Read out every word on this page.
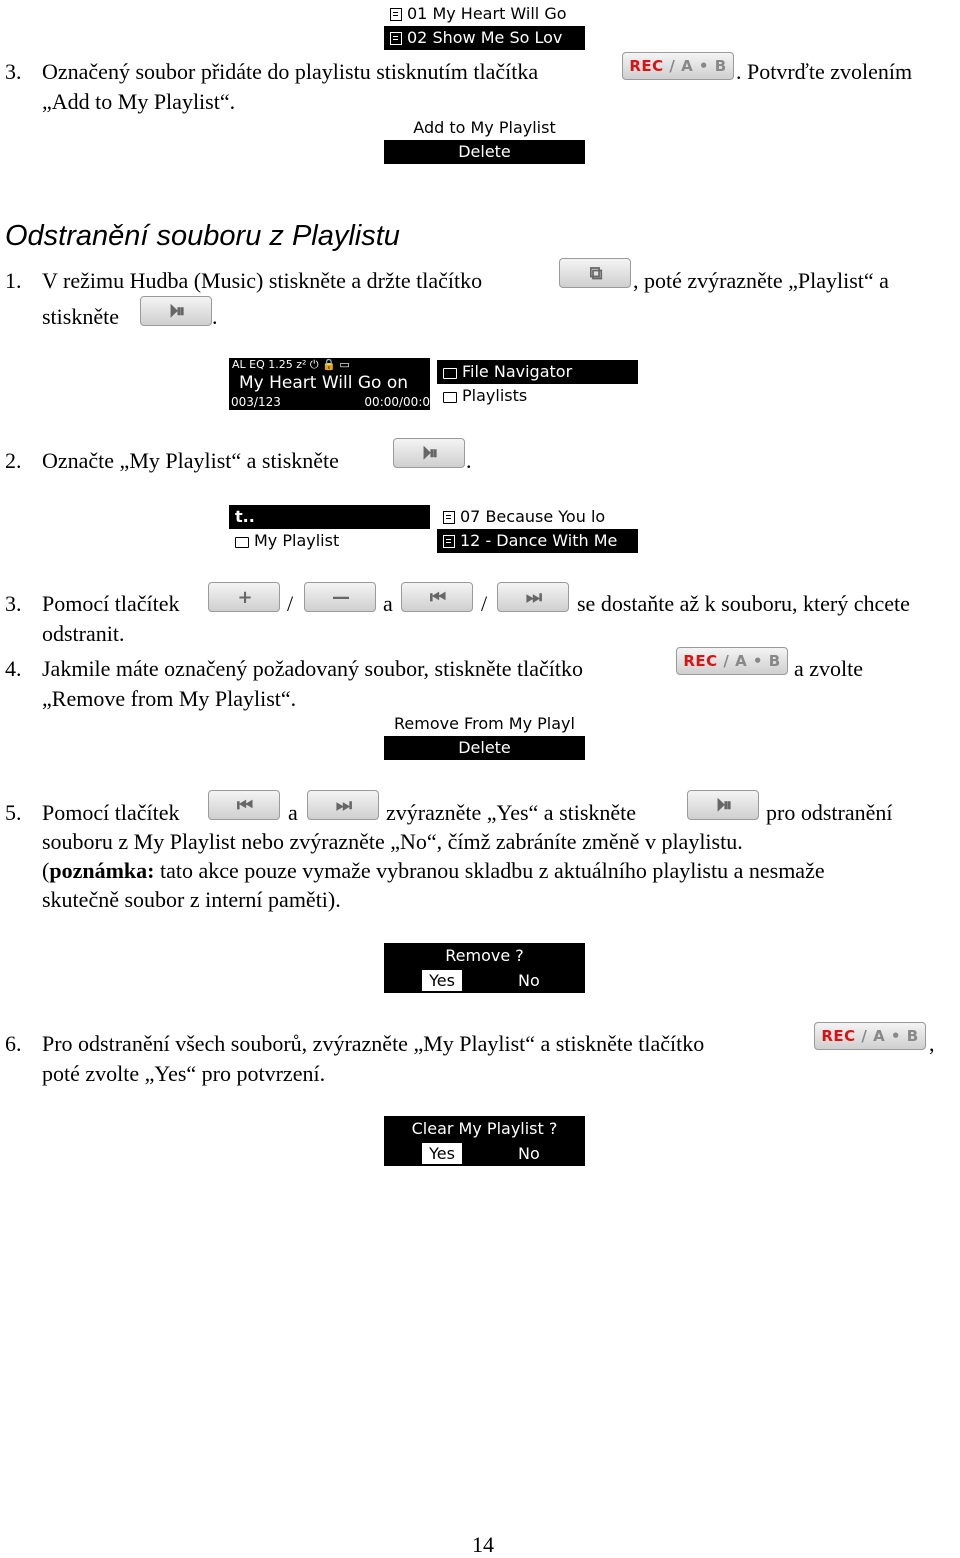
01 My Heart Will Go
02 Show Me So Lov
3. Označený soubor přidáte do playlistu stisknutím tlačítka	REC
/ A • B . Potvrďte zvolením
„Add to My Playlist“.
Add to My Playlist
Delete
Odstranění souboru z Playlistu
1. V režimu Hudba (Music) stiskněte a držte tlačítko	⧉ , poté zvýrazněte „Playlist“ a
stiskněte	⏵⏸ .
AL EQ 1.25 z² ⏻ 🔒 ▭
My Heart Will Go on
003/123	00:00/00:0
File Navigator
Playlists
2. Označte „My Playlist“ a stiskněte	⏵⏸ .
t..
My Playlist
07 Because You lo
12 - Dance With Me
3. Pomocí tlačítek	+ / — a ⏮ / ⏭ se dostaňte až k souboru, který chcete
odstranit.
4. Jakmile máte označený požadovaný soubor, stiskněte tlačítko	REC
/ A • B a zvolte
„Remove from My Playlist“.
Remove From My Playl
Delete
5. Pomocí tlačítek	⏮ a ⏭ zvýrazněte „Yes“ a stiskněte	⏵⏸ pro odstranění
souboru z My Playlist nebo zvýrazněte „No“, čímž zabráníte změně v playlistu.
(poznámka: tato akce pouze vymaže vybranou skladbu z aktuálního playlistu a nesmaže
skutečně soubor z interní paměti).
Remove ?
Yes	No
6. Pro odstranění všech souborů, zvýrazněte „My Playlist“ a stiskněte tlačítko	REC
/ A • B ,
poté zvolte „Yes“ pro potvrzení.
Clear My Playlist ?
Yes	No
14
